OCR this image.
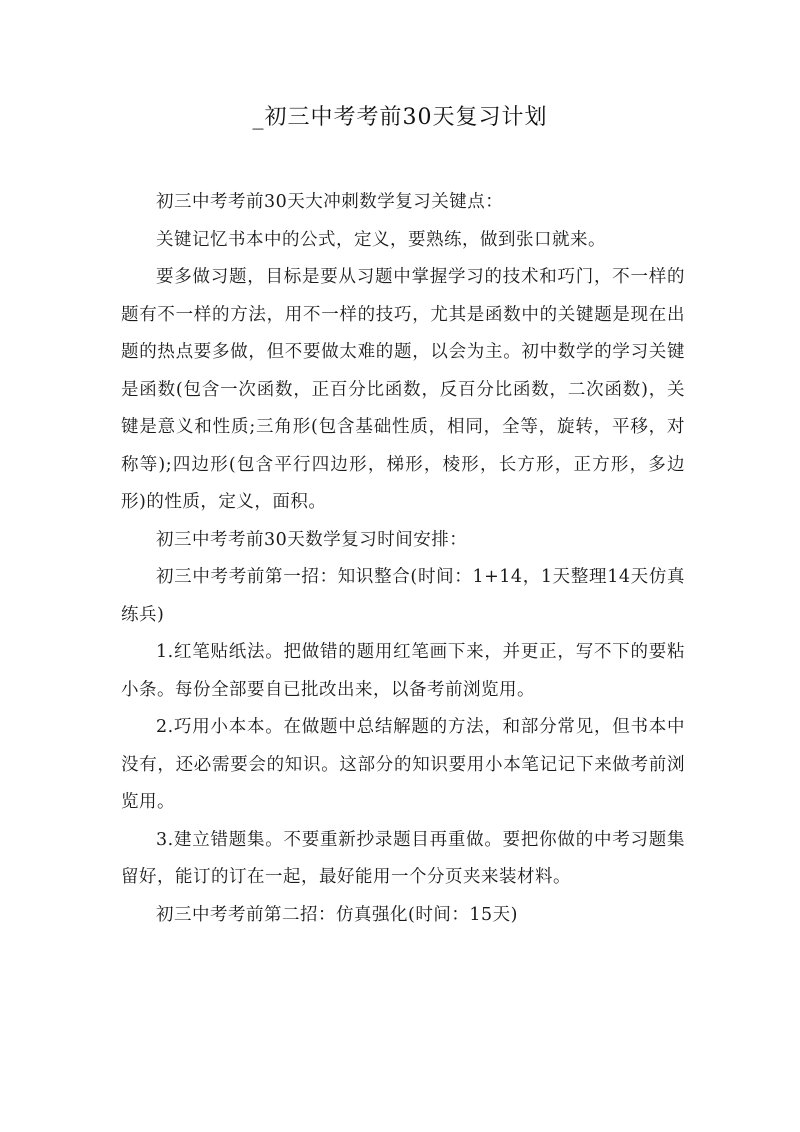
_初三中考考前30天复习计划

初三中考考前30天大冲刺数学复习关键点：

关键记忆书本中的公式，定义，要熟练，做到张口就来。

要多做习题，目标是要从习题中掌握学习的技术和巧门，不一样的题有不一样的方法，用不一样的技巧，尤其是函数中的关键题是现在出题的热点要多做，但不要做太难的题，以会为主。初中数学的学习关键是函数(包含一次函数，正百分比函数，反百分比函数，二次函数)，关键是意义和性质;三角形(包含基础性质，相同，全等，旋转，平移，对称等);四边形(包含平行四边形，梯形，棱形，长方形，正方形，多边形)的性质，定义，面积。

初三中考考前30天数学复习时间安排：

初三中考考前第一招：知识整合(时间：1+14，1天整理14天仿真练兵)

1.红笔贴纸法。把做错的题用红笔画下来，并更正，写不下的要粘小条。每份全部要自已批改出来，以备考前浏览用。

2.巧用小本本。在做题中总结解题的方法，和部分常见，但书本中没有，还必需要会的知识。这部分的知识要用小本笔记记下来做考前浏览用。

3.建立错题集。不要重新抄录题目再重做。要把你做的中考习题集留好，能订的订在一起，最好能用一个分页夹来装材料。

初三中考考前第二招：仿真强化(时间：15天)
